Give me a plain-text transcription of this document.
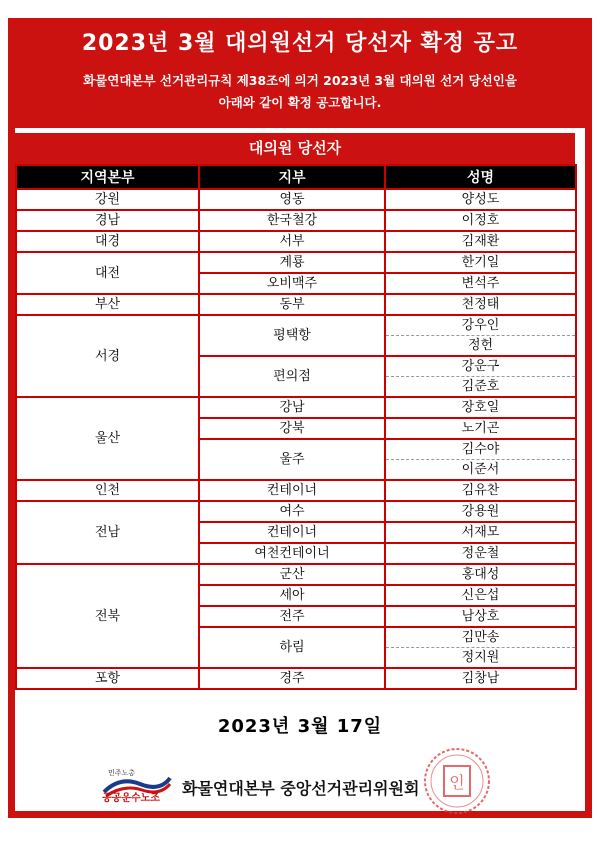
2023년 3월 대의원선거 당선자 확정 공고
화물연대본부 선거관리규칙 제38조에 의거 2023년 3월 대의원 선거 당선인을
아래와 같이 확정 공고합니다.
대의원 당선자
지역본부	지부	성명
강원	영동	양성도
경남	한국철강	이정호
대경	서부	김재환
대전	계룡	한기일
	오비맥주	변석주
부산	동부	천정태
서경	평택항	강우인
		정헌
	편의점	강운구
		김준호
울산	강남	장호일
	강북	노기곤
	울주	김수야
		이준서
인천	컨테이너	김유찬
전남	여수	강용원
	컨테이너	서재모
	여천컨테이너	정운철
전북	군산	홍대성
	세아	신은섭
	전주	남상호
	하림	김만송
		정지원
포항	경주	김창남
2023년 3월 17일
민주노총
공공운수노조
화물연대본부 중앙선거관리위원회 인
